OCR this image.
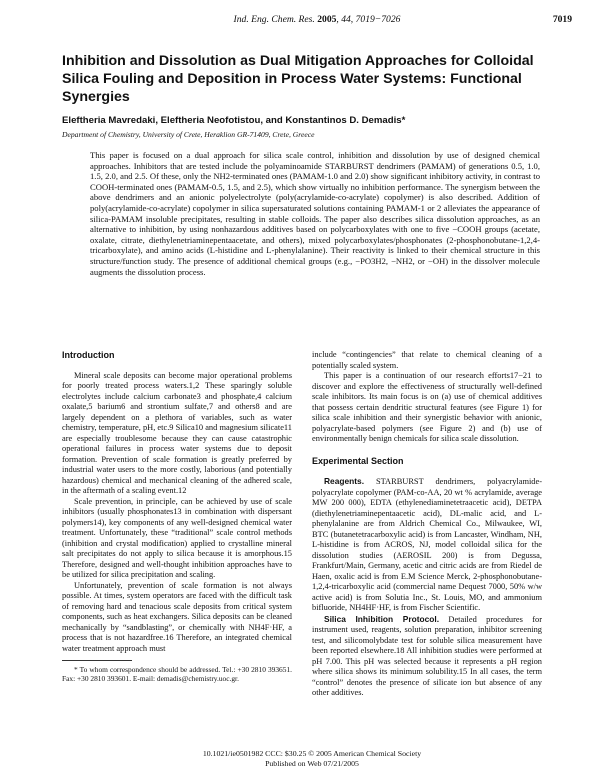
Ind. Eng. Chem. Res. 2005, 44, 7019−7026	7019
Inhibition and Dissolution as Dual Mitigation Approaches for Colloidal Silica Fouling and Deposition in Process Water Systems: Functional Synergies
Eleftheria Mavredaki, Eleftheria Neofotistou, and Konstantinos D. Demadis*
Department of Chemistry, University of Crete, Heraklion GR-71409, Crete, Greece

This paper is focused on a dual approach for silica scale control, inhibition and dissolution by use of designed chemical approaches. Inhibitors that are tested include the polyaminoamide STARBURST dendrimers (PAMAM) of generations 0.5, 1.0, 1.5, 2.0, and 2.5. Of these, only the NH2-terminated ones (PAMAM-1.0 and 2.0) show significant inhibitory activity, in contrast to COOH-terminated ones (PAMAM-0.5, 1.5, and 2.5), which show virtually no inhibition performance. The synergism between the above dendrimers and an anionic polyelectrolyte (poly(acrylamide-co-acrylate) copolymer) is also described. Addition of poly(acrylamide-co-acrylate) copolymer in silica supersaturated solutions containing PAMAM-1 or 2 alleviates the appearance of silica-PAMAM insoluble precipitates, resulting in stable colloids. The paper also describes silica dissolution approaches, as an alternative to inhibition, by using nonhazardous additives based on polycarboxylates with one to five −COOH groups (acetate, oxalate, citrate, diethylenetriaminepentaacetate, and others), mixed polycarboxylates/phosphonates (2-phosphonobutane-1,2,4-tricarboxylate), and amino acids (L-histidine and L-phenylalanine). Their reactivity is linked to their chemical structure in this structure/function study. The presence of additional chemical groups (e.g., −PO3H2, −NH2, or −OH) in the dissolver molecule augments the dissolution process.

Introduction

Mineral scale deposits can become major operational problems for poorly treated process waters.1,2 These sparingly soluble electrolytes include calcium carbonate3 and phosphate,4 calcium oxalate,5 barium6 and strontium sulfate,7 and others8 and are largely dependent on a plethora of variables, such as water chemistry, temperature, pH, etc.9 Silica10 and magnesium silicate11 are especially troublesome because they can cause catastrophic operational failures in process water systems due to deposit formation. Prevention of scale formation is greatly preferred by industrial water users to the more costly, laborious (and potentially hazardous) chemical and mechanical cleaning of the adhered scale, in the aftermath of a scaling event.12

Scale prevention, in principle, can be achieved by use of scale inhibitors (usually phosphonates13 in combination with dispersant polymers14), key components of any well-designed chemical water treatment. Unfortunately, these “traditional” scale control methods (inhibition and crystal modification) applied to crystalline mineral salt precipitates do not apply to silica because it is amorphous.15 Therefore, designed and well-thought inhibition approaches have to be utilized for silica precipitation and scaling.

Unfortunately, prevention of scale formation is not always possible. At times, system operators are faced with the difficult task of removing hard and tenacious scale deposits from critical system components, such as heat exchangers. Silica deposits can be cleaned mechanically by “sandblasting”, or chemically with NH4F·HF, a process that is not hazardfree.16 Therefore, an integrated chemical water treatment approach must

* To whom correspondence should be addressed. Tel.: +30 2810 393651. Fax: +30 2810 393601. E-mail: demadis@chemistry.uoc.gr.

include “contingencies” that relate to chemical cleaning of a potentially scaled system.

This paper is a continuation of our research efforts17−21 to discover and explore the effectiveness of structurally well-defined scale inhibitors. Its main focus is on (a) use of chemical additives that possess certain dendritic structural features (see Figure 1) for silica scale inhibition and their synergistic behavior with anionic, polyacrylate-based polymers (see Figure 2) and (b) use of environmentally benign chemicals for silica scale dissolution.

Experimental Section

Reagents. STARBURST dendrimers, polyacrylamide-polyacrylate copolymer (PAM-co-AA, 20 wt % acrylamide, average MW 200 000), EDTA (ethylenediaminetetraacetic acid), DETPA (diethylenetriaminepentaacetic acid), DL-malic acid, and L-phenylalanine are from Aldrich Chemical Co., Milwaukee, WI, BTC (butanetetracarboxylic acid) is from Lancaster, Windham, NH, L-histidine is from ACROS, NJ, model colloidal silica for the dissolution studies (AEROSIL 200) is from Degussa, Frankfurt/Main, Germany, acetic and citric acids are from Riedel de Haen, oxalic acid is from E.M Science Merck, 2-phosphonobutane-1,2,4-tricarboxylic acid (commercial name Dequest 7000, 50% w/w active acid) is from Solutia Inc., St. Louis, MO, and ammonium bifluoride, NH4HF·HF, is from Fischer Scientific.

Silica Inhibition Protocol. Detailed procedures for instrument used, reagents, solution preparation, inhibitor screening test, and silicomolybdate test for soluble silica measurement have been reported elsewhere.18 All inhibition studies were performed at pH 7.00. This pH was selected because it represents a pH region where silica shows its minimum solubility.15 In all cases, the term “control” denotes the presence of silicate ion but absence of any other additives.

10.1021/ie0501982 CCC: $30.25 © 2005 American Chemical Society
Published on Web 07/21/2005
